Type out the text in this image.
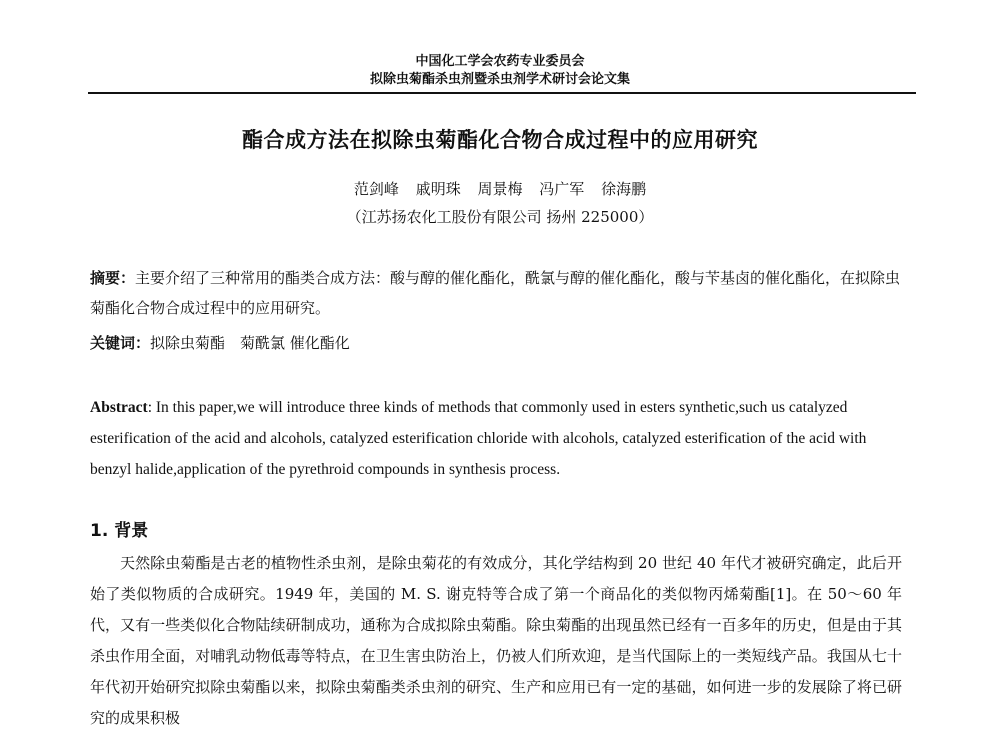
中国化工学会农药专业委员会
拟除虫菊酯杀虫剂暨杀虫剂学术研讨会论文集
酯合成方法在拟除虫菊酯化合物合成过程中的应用研究
范剑峰 戚明珠 周景梅 冯广军 徐海鹏
（江苏扬农化工股份有限公司 扬州 225000）
摘要：主要介绍了三种常用的酯类合成方法：酸与醇的催化酯化，酰氯与醇的催化酯化，酸与苄基卤的催化酯化，在拟除虫菊酯化合物合成过程中的应用研究。
关键词：拟除虫菊酯　菊酰氯 催化酯化
Abstract: In this paper,we will introduce three kinds of methods that commonly used in esters synthetic,such us catalyzed esterification of the acid and alcohols, catalyzed esterification chloride with alcohols, catalyzed esterification of the acid with benzyl halide,application of the pyrethroid compounds in synthesis process.
1. 背景
天然除虫菊酯是古老的植物性杀虫剂，是除虫菊花的有效成分，其化学结构到 20 世纪 40 年代才被研究确定，此后开始了类似物质的合成研究。1949 年，美国的 M. S. 谢克特等合成了第一个商品化的类似物丙烯菊酯[1]。在 50～60 年代，又有一些类似化合物陆续研制成功，通称为合成拟除虫菊酯。除虫菊酯的出现虽然已经有一百多年的历史，但是由于其杀虫作用全面，对哺乳动物低毒等特点，在卫生害虫防治上，仍被人们所欢迎，是当代国际上的一类短线产品。我国从七十年代初开始研究拟除虫菊酯以来，拟除虫菊酯类杀虫剂的研究、生产和应用已有一定的基础，如何进一步的发展除了将已研究的成果积极
